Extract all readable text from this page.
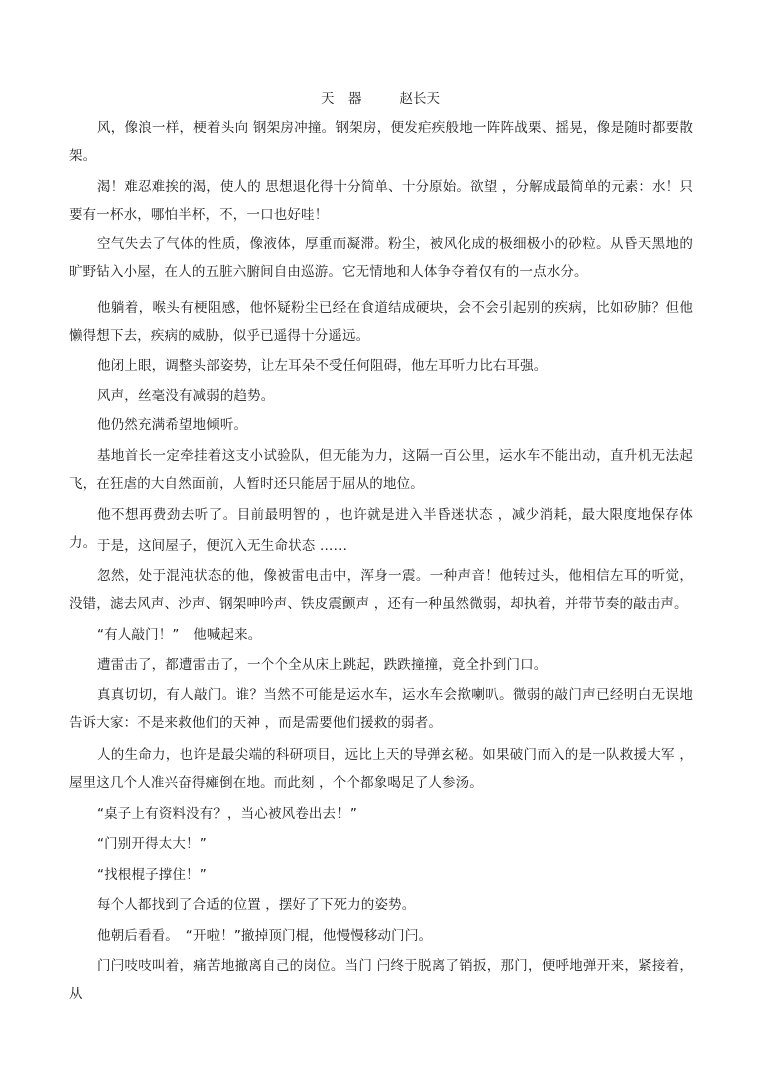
天　器	赵长天
风，像浪一样，梗着头向 钢架房冲撞。钢架房，便发疟疾般地一阵阵战栗、摇晃，像是随时都要散架。
渴！难忍难挨的渴，使人的 思想退化得十分简单、十分原始。欲望 ，分解成最简单的元素：水！只要有一杯水，哪怕半杯，不，一口也好哇！
空气失去了气体的性质，像液体，厚重而凝滞。粉尘，被风化成的极细极小的砂粒。从昏天黑地的旷野钻入小屋，在人的五脏六腑间自由巡游。它无情地和人体争夺着仅有的一点水分。
他躺着，喉头有梗阻感，他怀疑粉尘已经在食道结成硬块，会不会引起别的疾病，比如矽肺？但他懒得想下去，疾病的威胁，似乎已遥得十分遥远。
他闭上眼，调整头部姿势，让左耳朵不受任何阻碍，他左耳听力比右耳强。
风声，丝毫没有减弱的趋势。
他仍然充满希望地倾听。
基地首长一定牵挂着这支小试验队，但无能为力，这隔一百公里，运水车不能出动，直升机无法起飞，在狂虐的大自然面前，人暂时还只能居于屈从的地位。
他不想再费劲去听了。目前最明智的 ，也许就是进入半昏迷状态 ，减少消耗，最大限度地保存体力。 于是，这间屋子，便沉入无生命状态 ……
忽然，处于混沌状态的他，像被雷电击中，浑身一震。一种声音！他转过头，他相信左耳的听觉，没错，滤去风声、沙声、钢架呻吟声、铁皮震颤声 ，还有一种虽然微弱，却执着，并带节奏的敲击声。
“有人敲门！”　他喊起来。
遭雷击了，都遭雷击了，一个个全从床上跳起，跌跌撞撞，竟全扑到门口。
真真切切，有人敲门。谁？当然不可能是运水车，运水车会揿喇叭。微弱的敲门声已经明白无误地告诉大家：不是来救他们的天神 ，而是需要他们援救的弱者。
人的生命力，也许是最尖端的科研项目，远比上天的导弹玄秘。如果破门而入的是一队救援大军 ，屋里这几个人准兴奋得瘫倒在地。而此刻 ，个个都象喝足了人参汤。
“桌子上有资料没有？，当心被风卷出去！”
“门别开得太大！”
“找根棍子撑住！”
每个人都找到了合适的位置 ，摆好了下死力的姿势。
他朝后看看。　“开啦！”撤掉顶门棍，他慢慢移动门闩。
门闩吱吱叫着，痛苦地撤离自己的岗位。当门 闩终于脱离了销扳，那门，便呼地弹开来，紧接着，从
